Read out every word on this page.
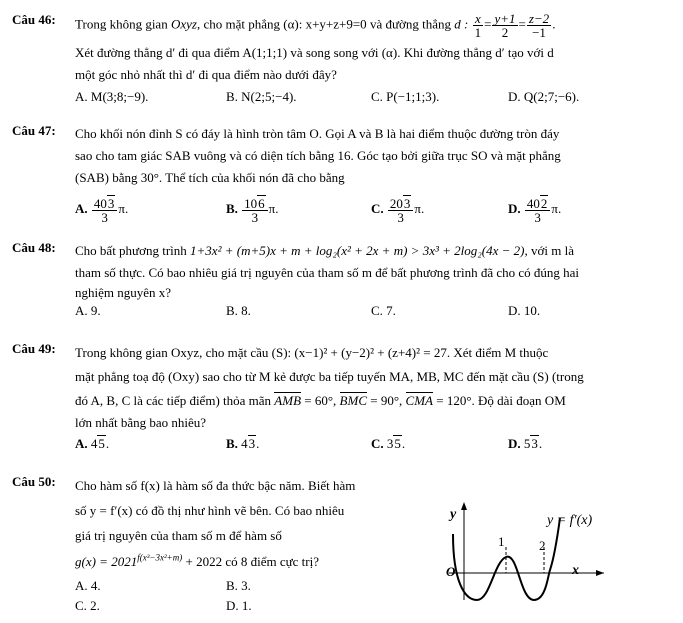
Câu 46: Trong không gian Oxyz, cho mặt phẳng (α): x+y+z+9=0 và đường thẳng d : $\frac{x}{1} = \frac{y+1}{2} = \frac{z-2}{-1}$ .
Xét đường thẳng d′ đi qua điểm A(1;1;1) và song song với (α). Khi đường thẳng d′ tạo với d
một góc nhỏ nhất thì d′ đi qua điểm nào dưới đây?
A. M(3;8;−9).	B. N(2;5;−4).	C. P(−1;1;3).	D. Q(2;7;−6).
Câu 47: Cho khối nón đỉnh S có đáy là hình tròn tâm O. Gọi A và B là hai điểm thuộc đường tròn đáy
sao cho tam giác SAB vuông và có diện tích bằng 16. Góc tạo bởi giữa trục SO và mặt phẳng
(SAB) bằng 30°. Thể tích của khối nón đã cho bằng
A. $\frac{403}{3} \pi$.	B. $\frac{106}{3} \pi$.	C. $\frac{203}{3} \pi$.	D. $\frac{402}{3} \pi$.
Câu 48: Cho bất phương trình 1+3x² + (m+5)x + m + log₂(x² + 2x + m) > 3x³ + 2log₂(4x − 2), với m là
tham số thực. Có bao nhiêu giá trị nguyên của tham số m để bất phương trình đã cho có đúng hai
nghiệm nguyên x?
A. 9.	B. 8.	C. 7.	D. 10.
Câu 49: Trong không gian Oxyz, cho mặt cầu (S): (x−1)² + (y−2)² + (z+4)² = 27. Xét điểm M thuộc
mặt phẳng toạ độ (Oxy) sao cho từ M kẻ được ba tiếp tuyến MA, MB, MC đến mặt cầu (S) (trong
đó A, B, C là các tiếp điểm) thỏa mãn AMB = 60°, BMC = 90°, CMA = 120°. Độ dài đoạn OM
lớn nhất bằng bao nhiêu?
A. 45.	B. 43.	C. 35.	D. 53.
Câu 50: Cho hàm số f(x) là hàm số đa thức bậc năm. Biết hàm
số y = f′(x) có đồ thị như hình vẽ bên. Có bao nhiêu
giá trị nguyên của tham số m để hàm số
$g(x) = 2021^{f(x^3-3x^2+m)} + 2022$ có 8 điểm cực trị?
A. 4.	B. 3.
C. 2.	D. 1.
y
x
O
1	2
y = f′(x)
